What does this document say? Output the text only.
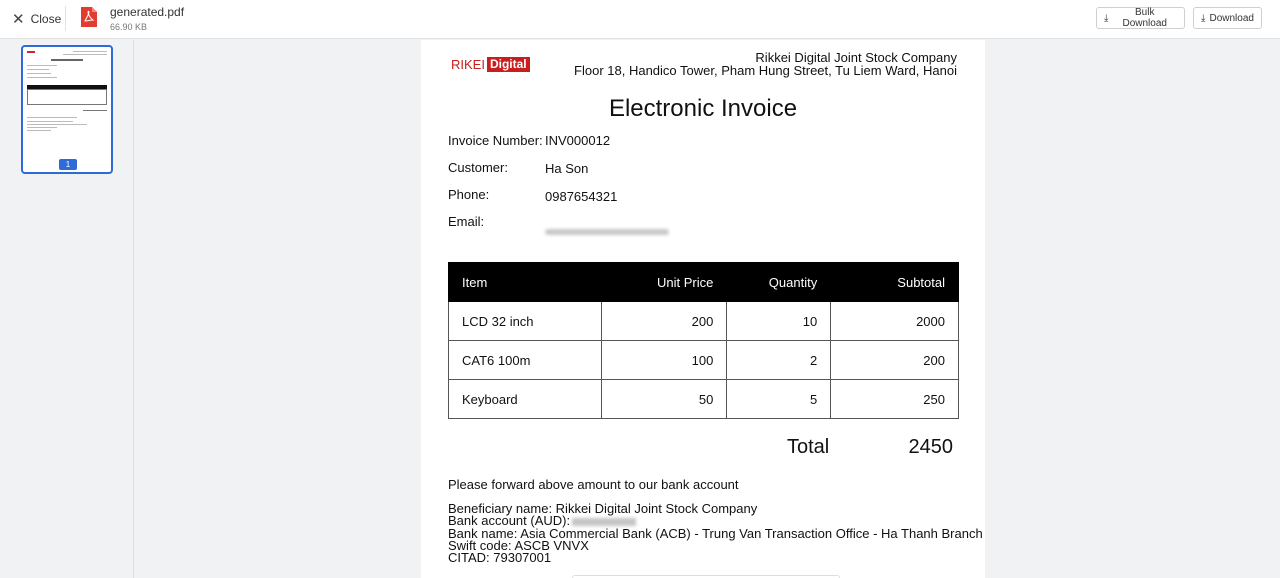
✕ Close	generated.pdf
66.90 KB
⤓	Bulk Download	⤓ Download
1
RIKEI Digital	Rikkei Digital Joint Stock Company
Floor 18, Handico Tower, Pham Hung Street, Tu Liem Ward, Hanoi
Electronic Invoice
Invoice Number: INV000012
Customer:	Ha Son
Phone:	0987654321
Email:
Item	Unit Price	Quantity	Subtotal
LCD 32 inch	200	10	2000
CAT6 100m	100	2	200
Keyboard	50	5	250
Total	2450
Please forward above amount to our bank account
Beneficiary name: Rikkei Digital Joint Stock Company
Bank account (AUD):
Bank name: Asia Commercial Bank (ACB) - Trung Van Transaction Office - Ha Thanh Branch
Swift code: ASCB VNVX
CITAD: 79307001
